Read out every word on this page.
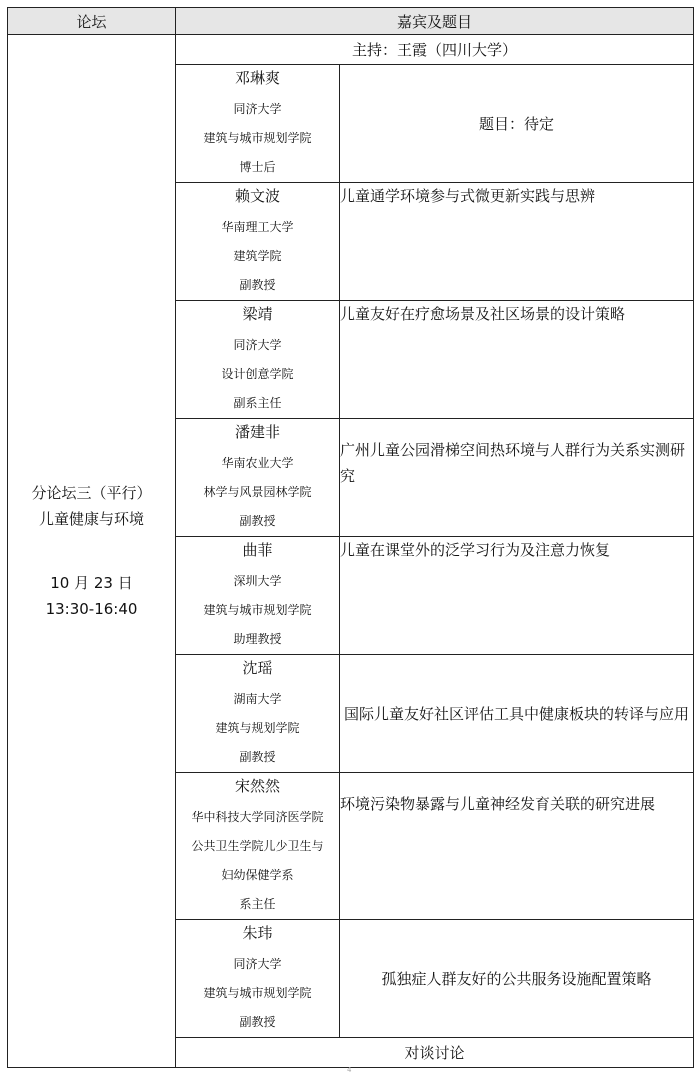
论坛	嘉宾及题目	

分论坛三（平行）
儿童健康与环境
10 月 23 日
13:30-16:40	主持：王霞（四川大学）	

	邓琳爽
同济大学
建筑与城市规划学院
博士后	题目：待定

	赖文波
华南理工大学
建筑学院
副教授	儿童通学环境参与式微更新实践与思辨

	梁靖
同济大学
设计创意学院
副系主任	儿童友好在疗愈场景及社区场景的设计策略

	潘建非
华南农业大学
林学与风景园林学院
副教授	广州儿童公园滑梯空间热环境与人群行为关系实测研究

	曲菲
深圳大学
建筑与城市规划学院
助理教授	儿童在课堂外的泛学习行为及注意力恢复

	沈瑶
湖南大学
建筑与规划学院
副教授	国际儿童友好社区评估工具中健康板块的转译与应用

	宋然然
华中科技大学同济医学院
公共卫生学院儿少卫生与
妇幼保健学系
系主任	环境污染物暴露与儿童神经发育关联的研究进展

	朱玮
同济大学
建筑与城市规划学院
副教授	孤独症人群友好的公共服务设施配置策略
	对谈讨论	
4
